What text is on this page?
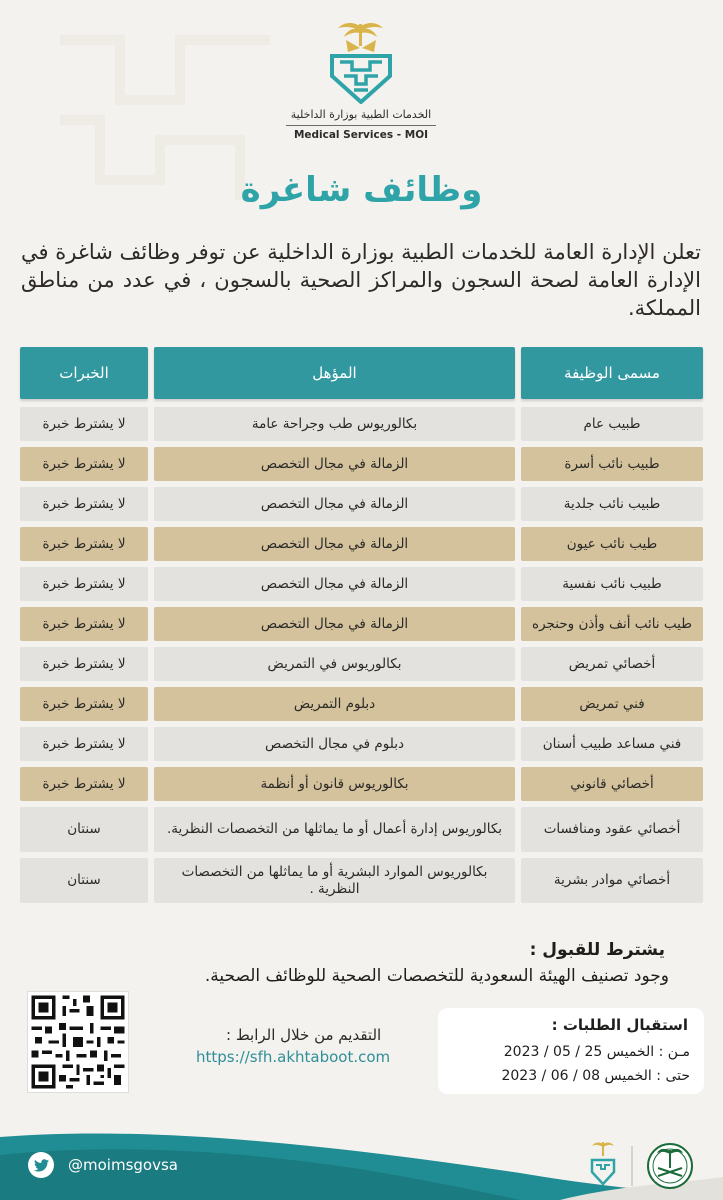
الخدمات الطبية بوزارة الداخلية
Medical Services - MOI
وظائف شاغرة
تعلن الإدارة العامة للخدمات الطبية بوزارة الداخلية عن توفر وظائف شاغرة في الإدارة العامة لصحة السجون والمراكز الصحية بالسجون ، في عدد من مناطق المملكة.
مسمى الوظيفة
المؤهل
الخبرات
طبيب عام
بكالوريوس طب وجراحة عامة
لا يشترط خبرة
طبيب نائب أسرة
الزمالة في مجال التخصص
لا يشترط خبرة
طبيب نائب جلدية
الزمالة في مجال التخصص
لا يشترط خبرة
طيب نائب عيون
الزمالة في مجال التخصص
لا يشترط خبرة
طبيب نائب نفسية
الزمالة في مجال التخصص
لا يشترط خبرة
طيب نائب أنف وأذن وحنجره
الزمالة في مجال التخصص
لا يشترط خبرة
أخصائي تمريض
بكالوريوس في التمريض
لا يشترط خبرة
فني تمريض
دبلوم التمريض
لا يشترط خبرة
فني مساعد طبيب أسنان
دبلوم في مجال التخصص
لا يشترط خبرة
أخصائي قانوني
بكالوريوس قانون أو أنظمة
لا يشترط خبرة
أخصائي عقود ومنافسات
بكالوريوس إدارة أعمال أو ما يماثلها من التخصصات النظرية.
سنتان
أخصائي موادر بشرية
بكالوريوس الموارد البشرية أو ما يماثلها من التخصصات النظرية .
سنتان
يشترط للقبول :
وجود تصنيف الهيئة السعودية للتخصصات الصحية للوظائف الصحية.
التقديم من خلال الرابط :
https://sfh.akhtaboot.com
استقبال الطلبات :
مـن : الخميس 25 / 05 / 2023
حتى : الخميس 08 / 06 / 2023
@moimsgovsa
